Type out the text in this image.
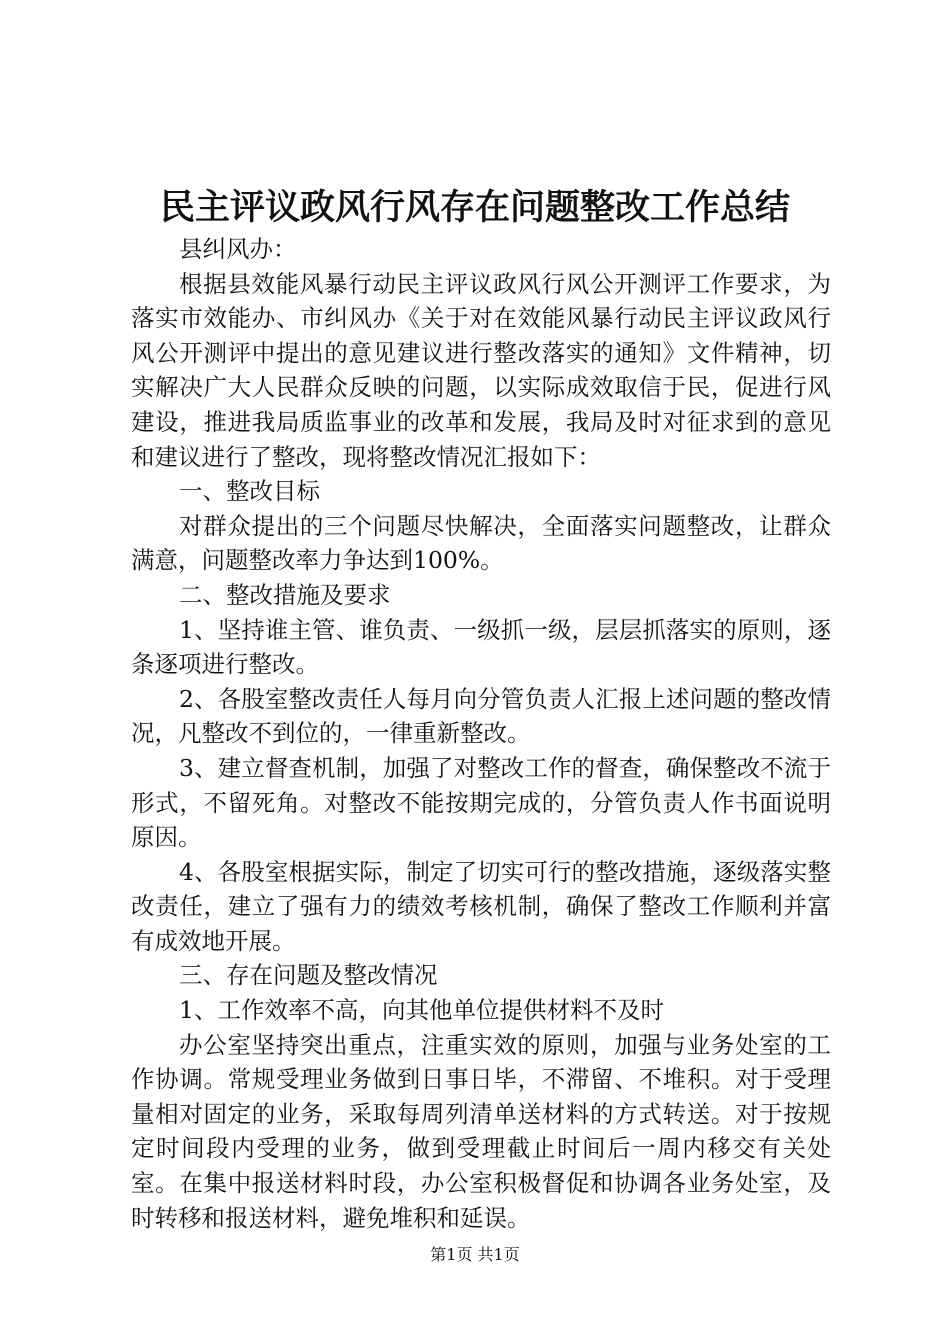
民主评议政风行风存在问题整改工作总结

县纠风办：

根据县效能风暴行动民主评议政风行风公开测评工作要求，为落实市效能办、市纠风办《关于对在效能风暴行动民主评议政风行风公开测评中提出的意见建议进行整改落实的通知》文件精神，切实解决广大人民群众反映的问题，以实际成效取信于民，促进行风建设，推进我局质监事业的改革和发展，我局及时对征求到的意见和建议进行了整改，现将整改情况汇报如下：

一、整改目标

对群众提出的三个问题尽快解决，全面落实问题整改，让群众满意，问题整改率力争达到100%。

二、整改措施及要求

1、坚持谁主管、谁负责、一级抓一级，层层抓落实的原则，逐条逐项进行整改。

2、各股室整改责任人每月向分管负责人汇报上述问题的整改情况，凡整改不到位的，一律重新整改。

3、建立督查机制，加强了对整改工作的督查，确保整改不流于形式，不留死角。对整改不能按期完成的，分管负责人作书面说明原因。

4、各股室根据实际，制定了切实可行的整改措施，逐级落实整改责任，建立了强有力的绩效考核机制，确保了整改工作顺利并富有成效地开展。

三、存在问题及整改情况

1、工作效率不高，向其他单位提供材料不及时

办公室坚持突出重点，注重实效的原则，加强与业务处室的工作协调。常规受理业务做到日事日毕，不滞留、不堆积。对于受理量相对固定的业务，采取每周列清单送材料的方式转送。对于按规定时间段内受理的业务，做到受理截止时间后一周内移交有关处室。在集中报送材料时段，办公室积极督促和协调各业务处室，及时转移和报送材料，避免堆积和延误。

第1页 共1页
